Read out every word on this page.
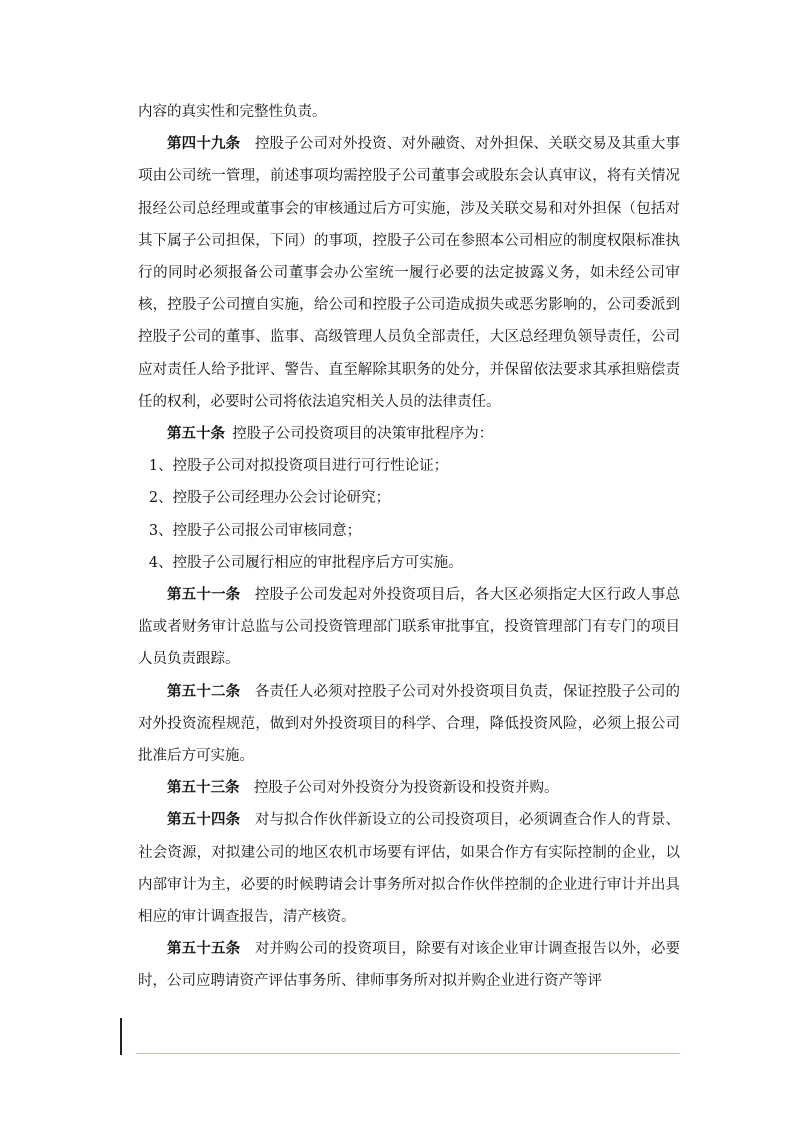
内容的真实性和完整性负责。

第四十九条 控股子公司对外投资、对外融资、对外担保、关联交易及其重大事项由公司统一管理，前述事项均需控股子公司董事会或股东会认真审议，将有关情况报经公司总经理或董事会的审核通过后方可实施，涉及关联交易和对外担保（包括对其下属子公司担保，下同）的事项，控股子公司在参照本公司相应的制度权限标准执行的同时必须报备公司董事会办公室统一履行必要的法定披露义务，如未经公司审核，控股子公司擅自实施，给公司和控股子公司造成损失或恶劣影响的，公司委派到控股子公司的董事、监事、高级管理人员负全部责任，大区总经理负领导责任，公司应对责任人给予批评、警告、直至解除其职务的处分，并保留依法要求其承担赔偿责任的权利，必要时公司将依法追究相关人员的法律责任。

第五十条 控股子公司投资项目的决策审批程序为：

1、控股子公司对拟投资项目进行可行性论证；

2、控股子公司经理办公会讨论研究；

3、控股子公司报公司审核同意；

4、控股子公司履行相应的审批程序后方可实施。

第五十一条 控股子公司发起对外投资项目后，各大区必须指定大区行政人事总监或者财务审计总监与公司投资管理部门联系审批事宜，投资管理部门有专门的项目人员负责跟踪。

第五十二条 各责任人必须对控股子公司对外投资项目负责，保证控股子公司的对外投资流程规范，做到对外投资项目的科学、合理，降低投资风险，必须上报公司批准后方可实施。

第五十三条 控股子公司对外投资分为投资新设和投资并购。

第五十四条 对与拟合作伙伴新设立的公司投资项目，必须调查合作人的背景、社会资源，对拟建公司的地区农机市场要有评估，如果合作方有实际控制的企业，以内部审计为主，必要的时候聘请会计事务所对拟合作伙伴控制的企业进行审计并出具相应的审计调查报告，清产核资。

第五十五条 对并购公司的投资项目，除要有对该企业审计调查报告以外，必要时，公司应聘请资产评估事务所、律师事务所对拟并购企业进行资产等评
